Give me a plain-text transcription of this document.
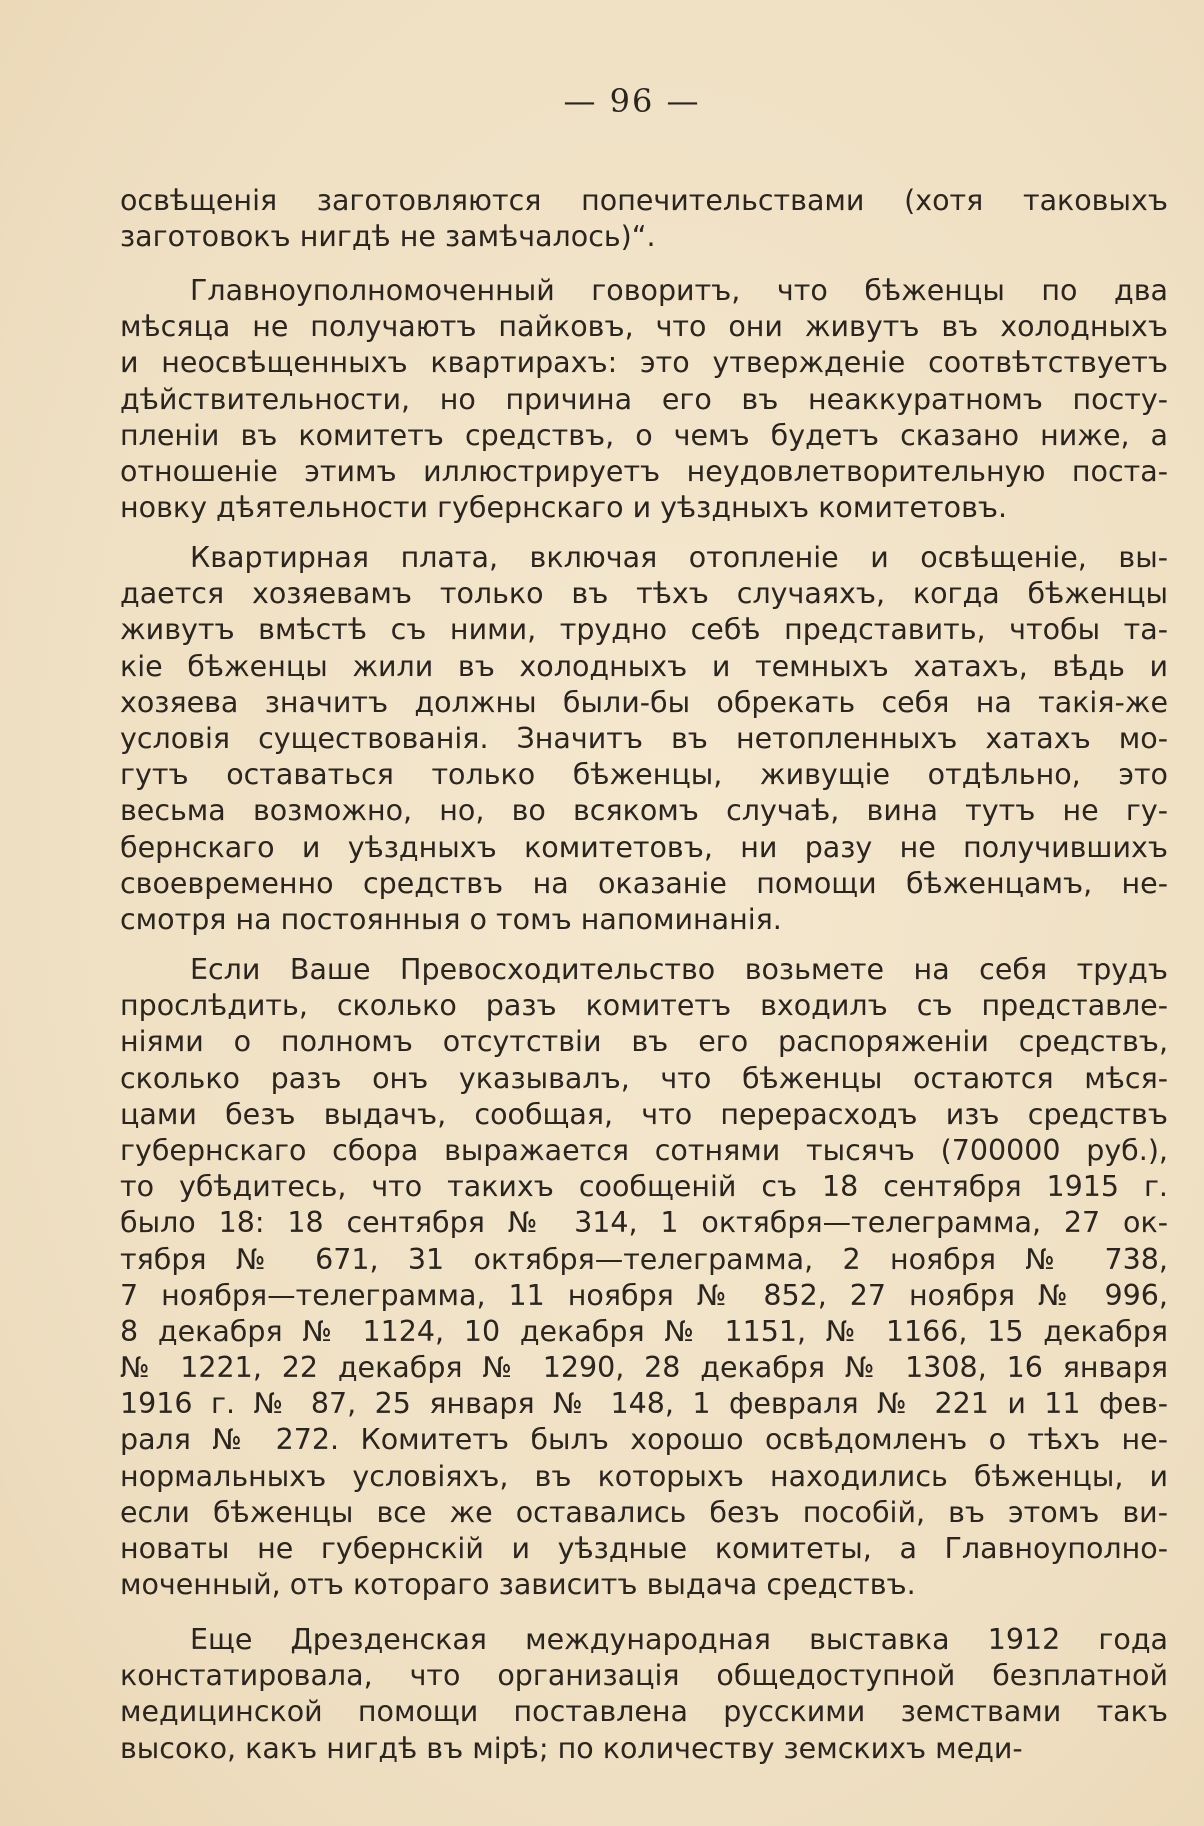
— 96 —
освѣщенія заготовляются попечительствами (хотя таковыхъ
заготовокъ нигдѣ не замѣчалось)“.
Главноуполномоченный говоритъ, что бѣженцы по два
мѣсяца не получаютъ пайковъ, что они живутъ въ холодныхъ
и неосвѣщенныхъ квартирахъ: это утвержденіе соотвѣтствуетъ
дѣйствительности, но причина его въ неаккуратномъ посту-
пленіи въ комитетъ средствъ, о чемъ будетъ сказано ниже, а
отношеніе этимъ иллюстрируетъ неудовлетворительную поста-
новку дѣятельности губернскаго и уѣздныхъ комитетовъ.
Квартирная плата, включая отопленіе и освѣщеніе, вы-
дается хозяевамъ только въ тѣхъ случаяхъ, когда бѣженцы
живутъ вмѣстѣ съ ними, трудно себѣ представить, чтобы та-
кіе бѣженцы жили въ холодныхъ и темныхъ хатахъ, вѣдь и
хозяева значитъ должны были-бы обрекать себя на такія-же
условія существованія. Значитъ въ нетопленныхъ хатахъ мо-
гутъ оставаться только бѣженцы, живущіе отдѣльно, это
весьма возможно, но, во всякомъ случаѣ, вина тутъ не гу-
бернскаго и уѣздныхъ комитетовъ, ни разу не получившихъ
своевременно средствъ на оказаніе помощи бѣженцамъ, не-
смотря на постоянныя о томъ напоминанія.
Если Ваше Превосходительство возьмете на себя трудъ
прослѣдить, сколько разъ комитетъ входилъ съ представле-
ніями о полномъ отсутствіи въ его распоряженіи средствъ,
сколько разъ онъ указывалъ, что бѣженцы остаются мѣся-
цами безъ выдачъ, сообщая, что перерасходъ изъ средствъ
губернскаго сбора выражается сотнями тысячъ (700000 руб.),
то убѣдитесь, что такихъ сообщеній съ 18 сентября 1915 г.
было 18: 18 сентября № 314, 1 октября—телеграмма, 27 ок-
тября № 671, 31 октября—телеграмма, 2 ноября № 738,
7 ноября—телеграмма, 11 ноября № 852, 27 ноября № 996,
8 декабря № 1124, 10 декабря № 1151, № 1166, 15 декабря
№ 1221, 22 декабря № 1290, 28 декабря № 1308, 16 января
1916 г. № 87, 25 января № 148, 1 февраля № 221 и 11 фев-
раля № 272. Комитетъ былъ хорошо освѣдомленъ о тѣхъ не-
нормальныхъ условіяхъ, въ которыхъ находились бѣженцы, и
если бѣженцы все же оставались безъ пособій, въ этомъ ви-
новаты не губернскій и уѣздные комитеты, а Главноуполно-
моченный, отъ котораго зависитъ выдача средствъ.
Еще Дрезденская международная выставка 1912 года
констатировала, что организація общедоступной безплатной
медицинской помощи поставлена русскими земствами такъ
высоко, какъ нигдѣ въ мірѣ; по количеству земскихъ меди-
